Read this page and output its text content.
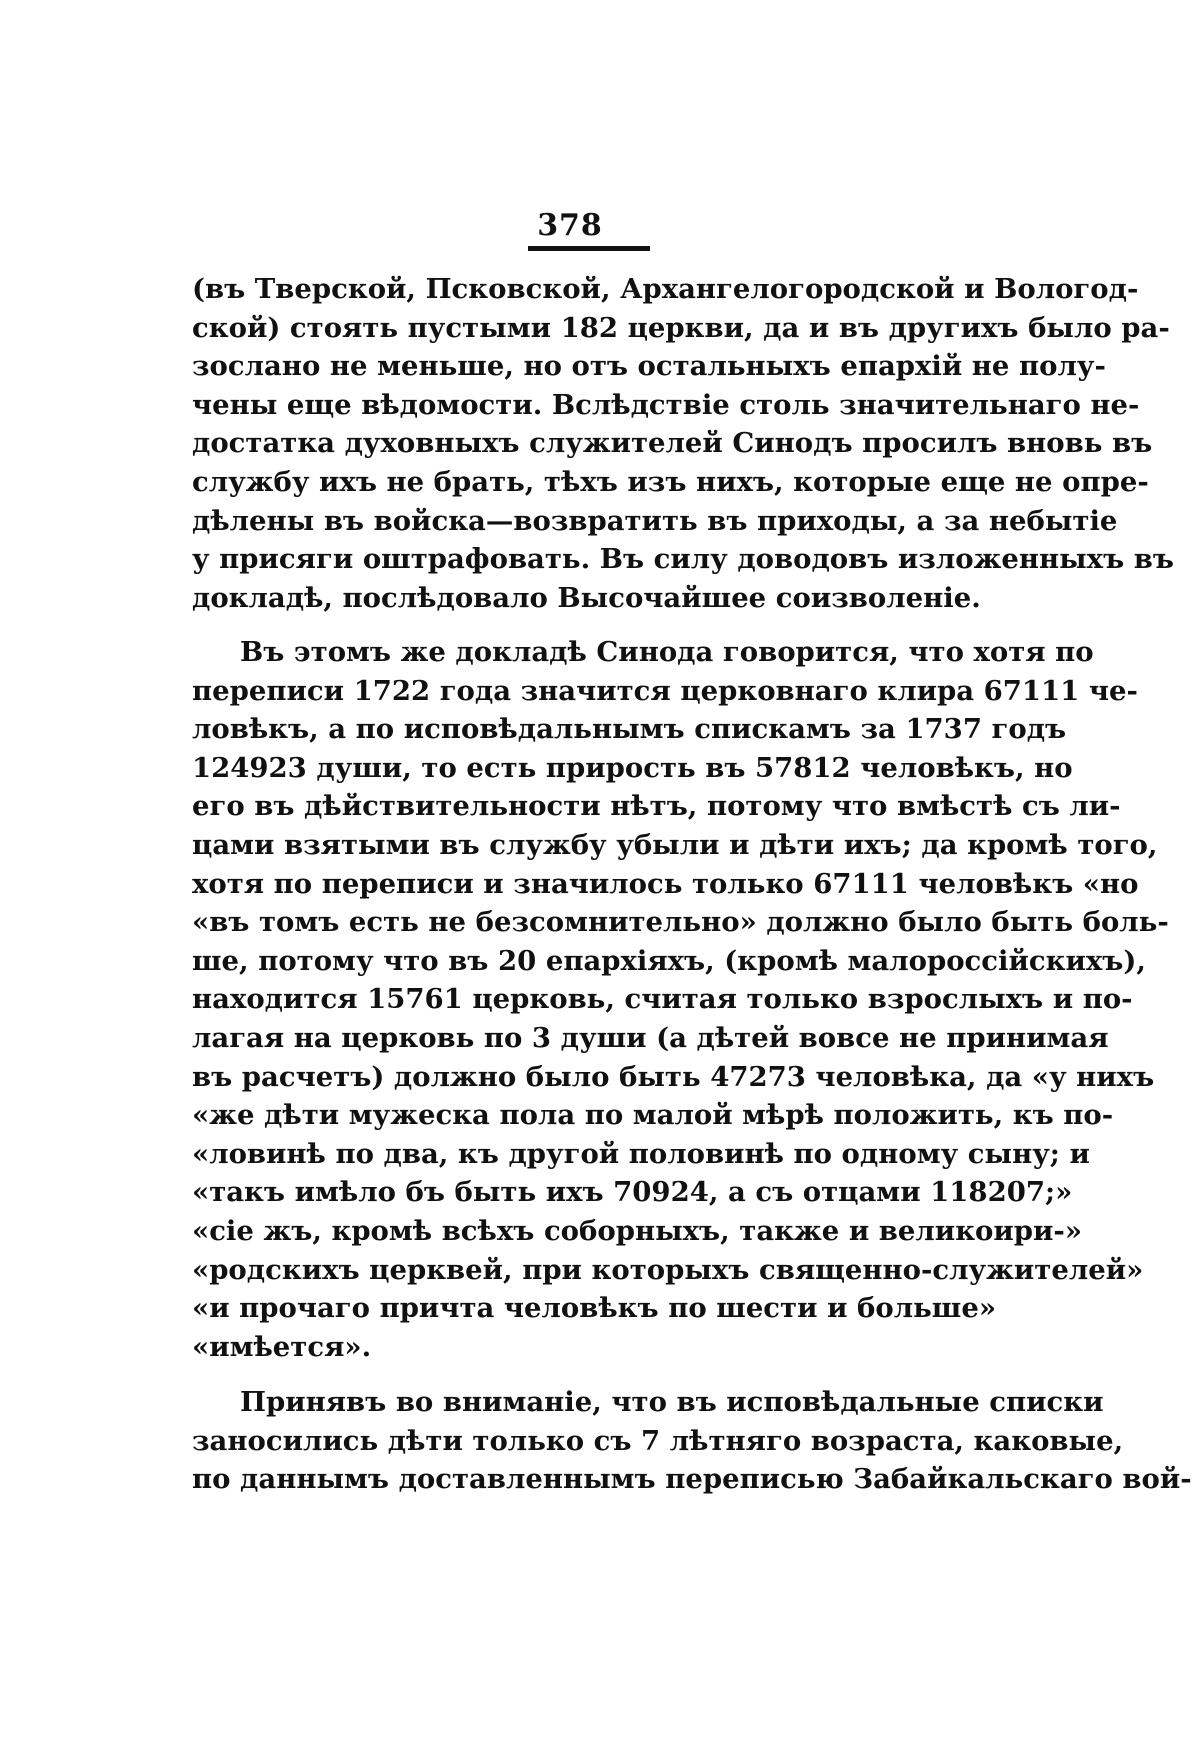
378
(въ Тверской, Псковской, Архангелогородской и Вологод-
ской) стоять пустыми 182 церкви, да и въ другихъ было ра-
зослано не меньше, но отъ остальныхъ епархій не полу-
чены еще вѣдомости. Вслѣдствіе столь значительнаго не-
достатка духовныхъ служителей Синодъ просилъ вновь въ
службу ихъ не брать, тѣхъ изъ нихъ, которые еще не опре-
дѣлены въ войска—возвратить въ приходы, а за небытіе
у присяги оштрафовать. Въ силу доводовъ изложенныхъ въ
докладѣ, послѣдовало Высочайшее соизволеніе.
Въ этомъ же докладѣ Синода говорится, что хотя по
переписи 1722 года значится церковнаго клира 67111 че-
ловѣкъ, а по исповѣдальнымъ спискамъ за 1737 годъ
124923 души, то есть прирость въ 57812 человѣкъ, но
его въ дѣйствительности нѣтъ, потому что вмѣстѣ съ ли-
цами взятыми въ службу убыли и дѣти ихъ; да кромѣ того,
хотя по переписи и значилось только 67111 человѣкъ «но
«въ томъ есть не безсомнительно» должно было быть боль-
ше, потому что въ 20 епархіяхъ, (кромѣ малороссійскихъ),
находится 15761 церковь, считая только взрослыхъ и по-
лагая на церковь по 3 души (а дѣтей вовсе не принимая
въ расчетъ) должно было быть 47273 человѣка, да «у нихъ
«же дѣти мужеска пола по малой мѣрѣ положить, къ по-
«ловинѣ по два, къ другой половинѣ по одному сыну; и
«такъ имѣло бъ быть ихъ 70924, а съ отцами 118207;»
«сіе жъ, кромѣ всѣхъ соборныхъ, также и великоири-»
«родскихъ церквей, при которыхъ священно-служителей»
«и прочаго причта человѣкъ по шести и больше»
«имѣется».
Принявъ во вниманіе, что въ исповѣдальные списки
заносились дѣти только съ 7 лѣтняго возраста, каковые,
по даннымъ доставленнымъ переписью Забайкальскаго вой-
